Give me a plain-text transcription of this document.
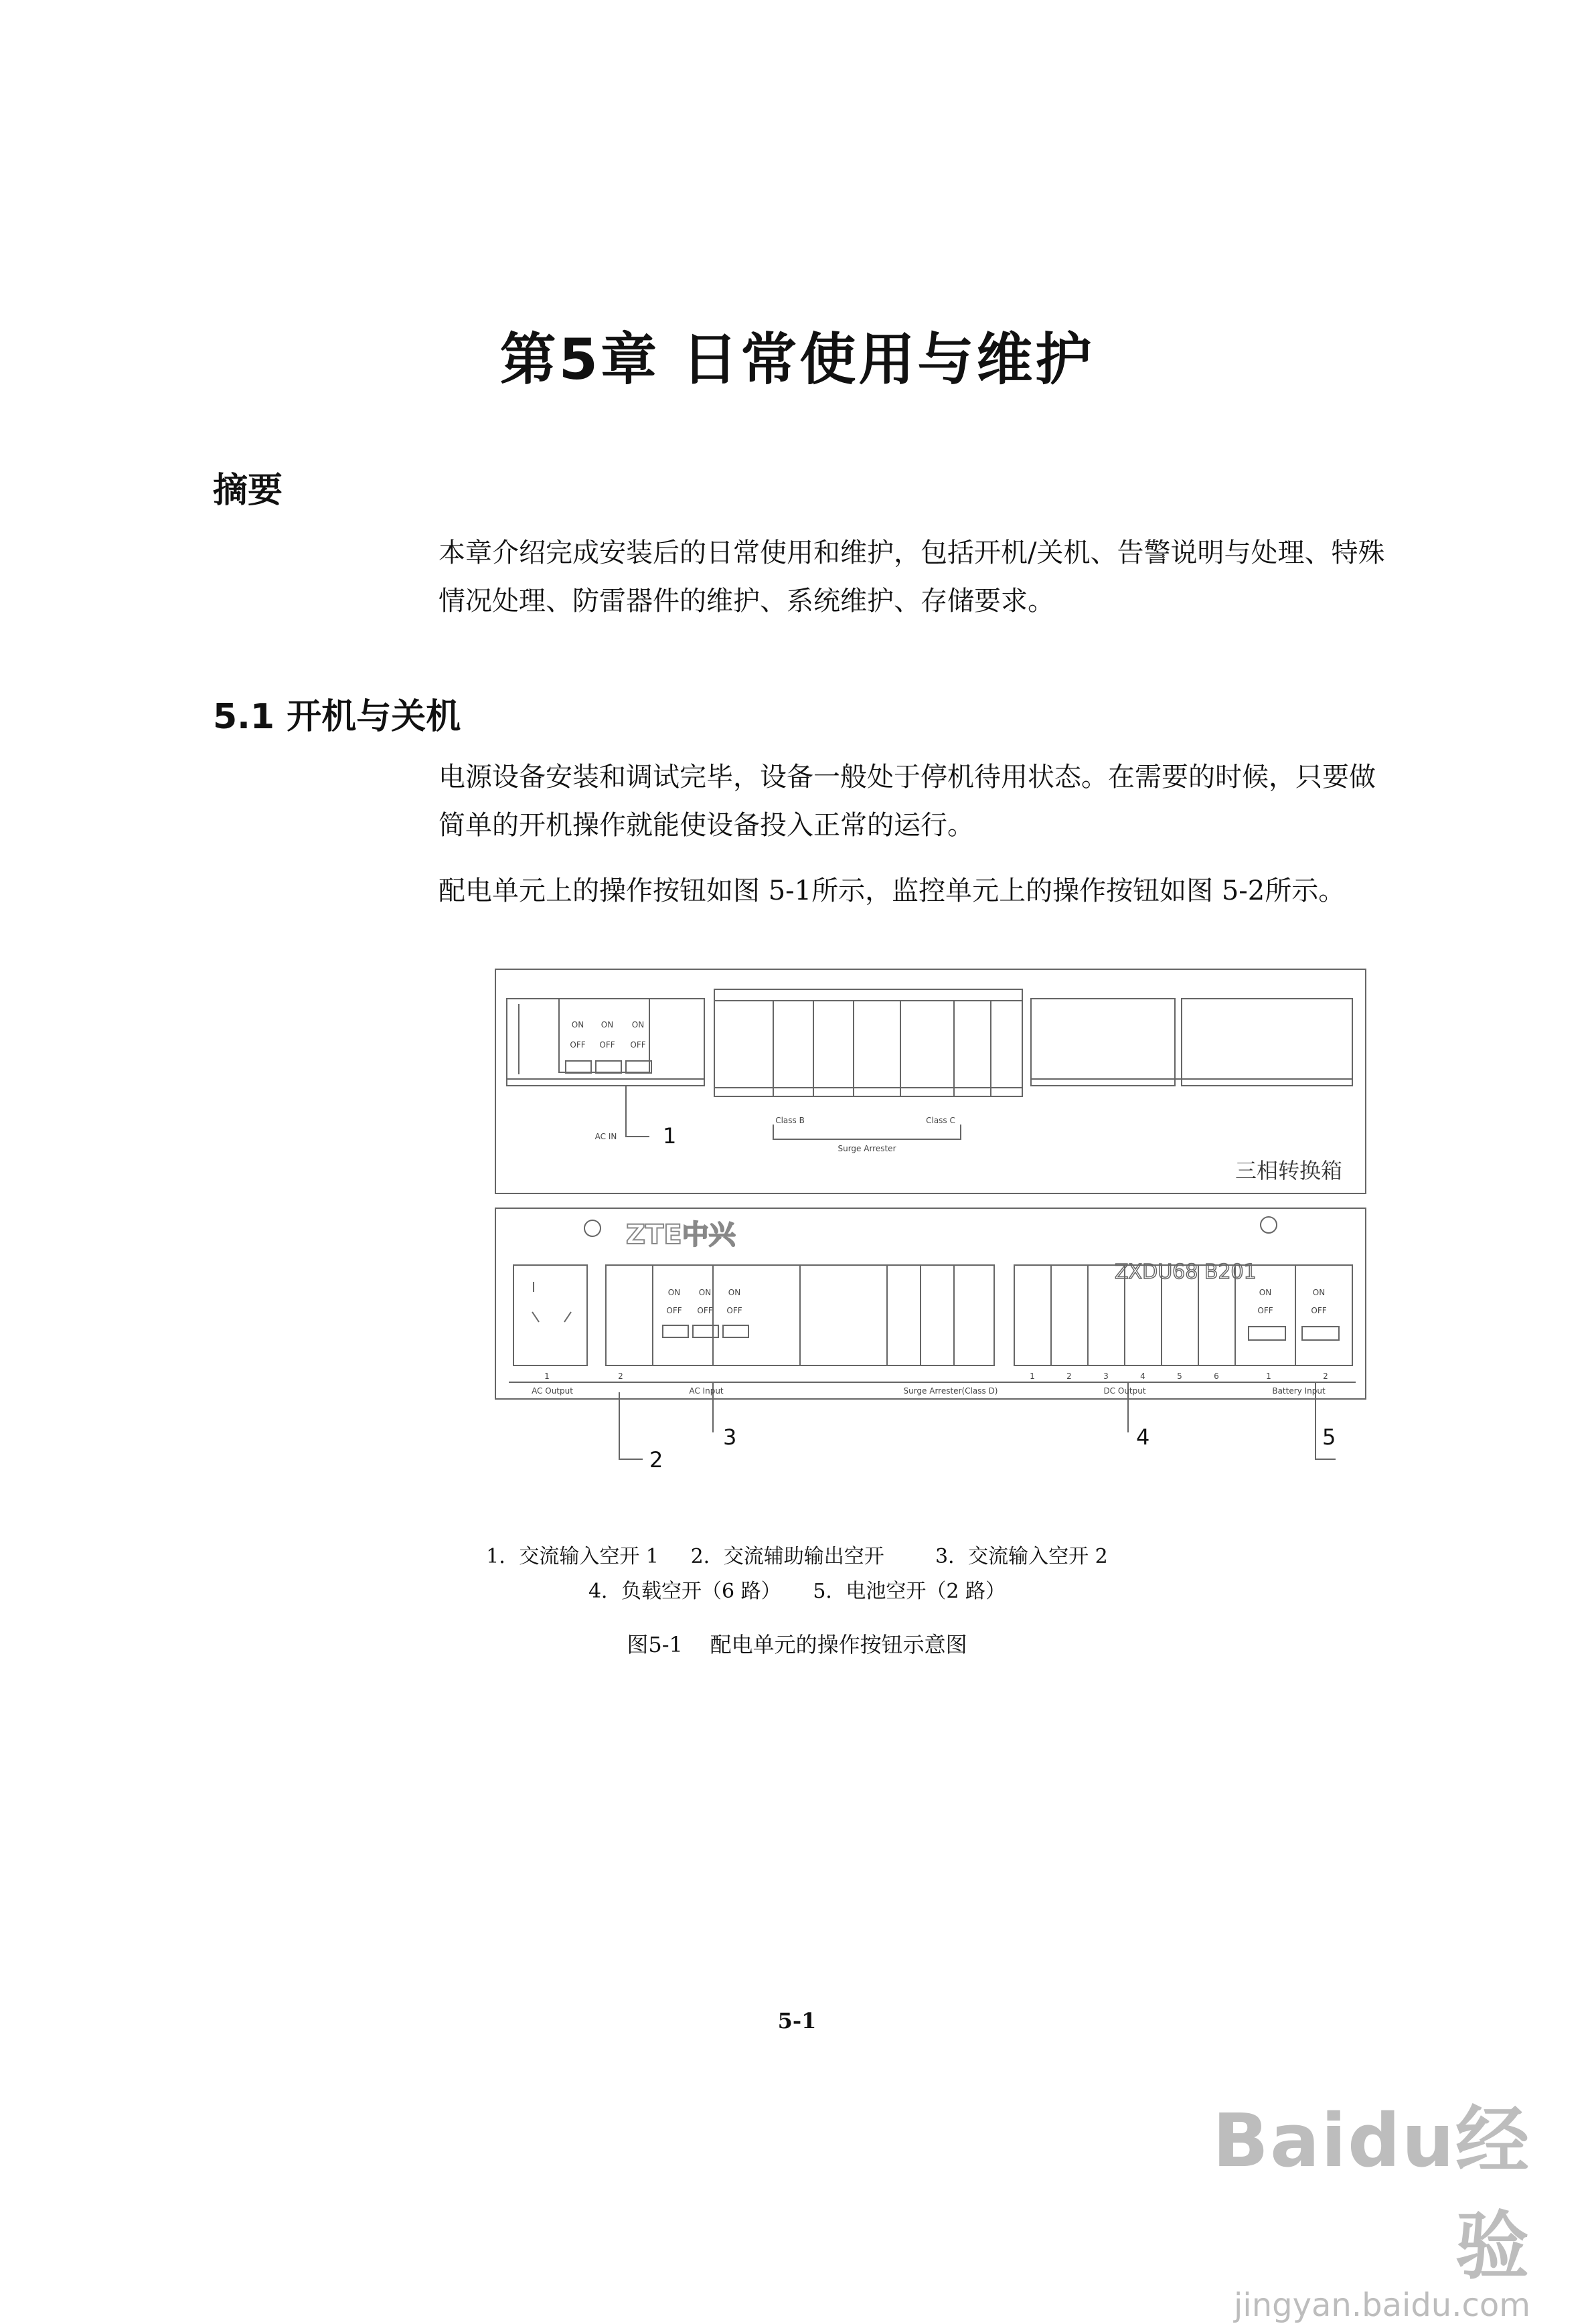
第5章 日常使用与维护
摘要
本章介绍完成安装后的日常使用和维护，包括开机/关机、告警说明与处理、特殊
情况处理、防雷器件的维护、系统维护、存储要求。
5.1 开机与关机
电源设备安装和调试完毕，设备一般处于停机待用状态。在需要的时候，只要做
简单的开机操作就能使设备投入正常的运行。
配电单元上的操作按钮如图 5-1所示，监控单元上的操作按钮如图 5-2所示。
ON ON ON
OFF OFF OFF
AC IN
Class B	Class C
Surge Arrester
1
三相转换箱
ZTE中兴
ZXDU68 B201
ON ON ON
OFF OFF OFF
ON	ON
OFF	OFF
1	2	1	2	3	4	5	6	1	2
AC Output	AC Input	Surge Arrester(Class D)	DC Output	Battery Input
2
3	4	5
1．交流输入空开 1     2．交流辅助输出空开        3．交流输入空开 2
4．负载空开（6 路）     5．电池空开（2 路）
图5-1    配电单元的操作按钮示意图
5-1
Baidu经验
jingyan.baidu.com
